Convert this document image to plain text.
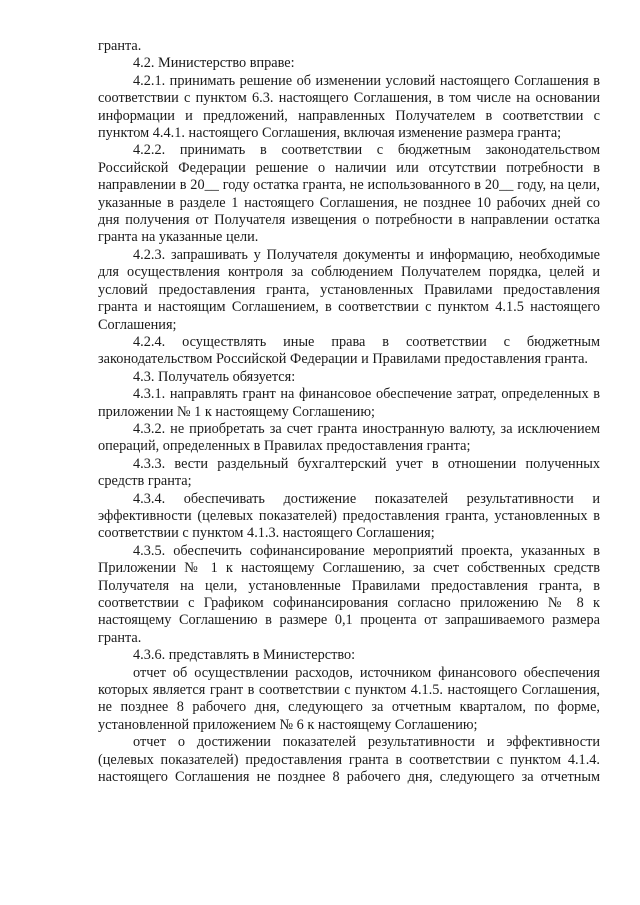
гранта.

4.2. Министерство вправе:

4.2.1. принимать решение об изменении условий настоящего Соглашения в соответствии с пунктом 6.3. настоящего Соглашения, в том числе на основании информации и предложений, направленных Получателем в соответствии с пунктом 4.4.1. настоящего Соглашения, включая изменение размера гранта;

4.2.2. принимать в соответствии с бюджетным законодательством Российской Федерации решение о наличии или отсутствии потребности в направлении в 20__ году остатка гранта, не использованного в 20__ году, на цели, указанные в разделе 1 настоящего Соглашения, не позднее 10 рабочих дней со дня получения от Получателя извещения о потребности в направлении остатка гранта на указанные цели.

4.2.3. запрашивать у Получателя документы и информацию, необходимые для осуществления контроля за соблюдением Получателем порядка, целей и условий предоставления гранта, установленных Правилами предоставления гранта и настоящим Соглашением, в соответствии с пунктом 4.1.5 настоящего Соглашения;

4.2.4. осуществлять иные права в соответствии с бюджетным законодательством Российской Федерации и Правилами предоставления гранта.

4.3. Получатель обязуется:

4.3.1. направлять грант на финансовое обеспечение затрат, определенных в приложении № 1 к настоящему Соглашению;

4.3.2. не приобретать за счет гранта иностранную валюту, за исключением операций, определенных в Правилах предоставления гранта;

4.3.3. вести раздельный бухгалтерский учет в отношении полученных средств гранта;

4.3.4. обеспечивать достижение показателей результативности и эффективности (целевых показателей) предоставления гранта, установленных в соответствии с пунктом 4.1.3. настоящего Соглашения;

4.3.5. обеспечить софинансирование мероприятий проекта, указанных в Приложении № 1 к настоящему Соглашению, за счет собственных средств Получателя на цели, установленные Правилами предоставления гранта, в соответствии с Графиком софинансирования согласно приложению № 8 к настоящему Соглашению в размере 0,1 процента от запрашиваемого размера гранта.

4.3.6. представлять в Министерство:

отчет об осуществлении расходов, источником финансового обеспечения которых является грант в соответствии с пунктом 4.1.5. настоящего Соглашения, не позднее 8 рабочего дня, следующего за отчетным кварталом, по форме, установленной приложением № 6 к настоящему Соглашению;

отчет о достижении показателей результативности и эффективности (целевых показателей) предоставления гранта в соответствии с пунктом 4.1.4. настоящего Соглашения не позднее 8 рабочего дня, следующего за отчетным
